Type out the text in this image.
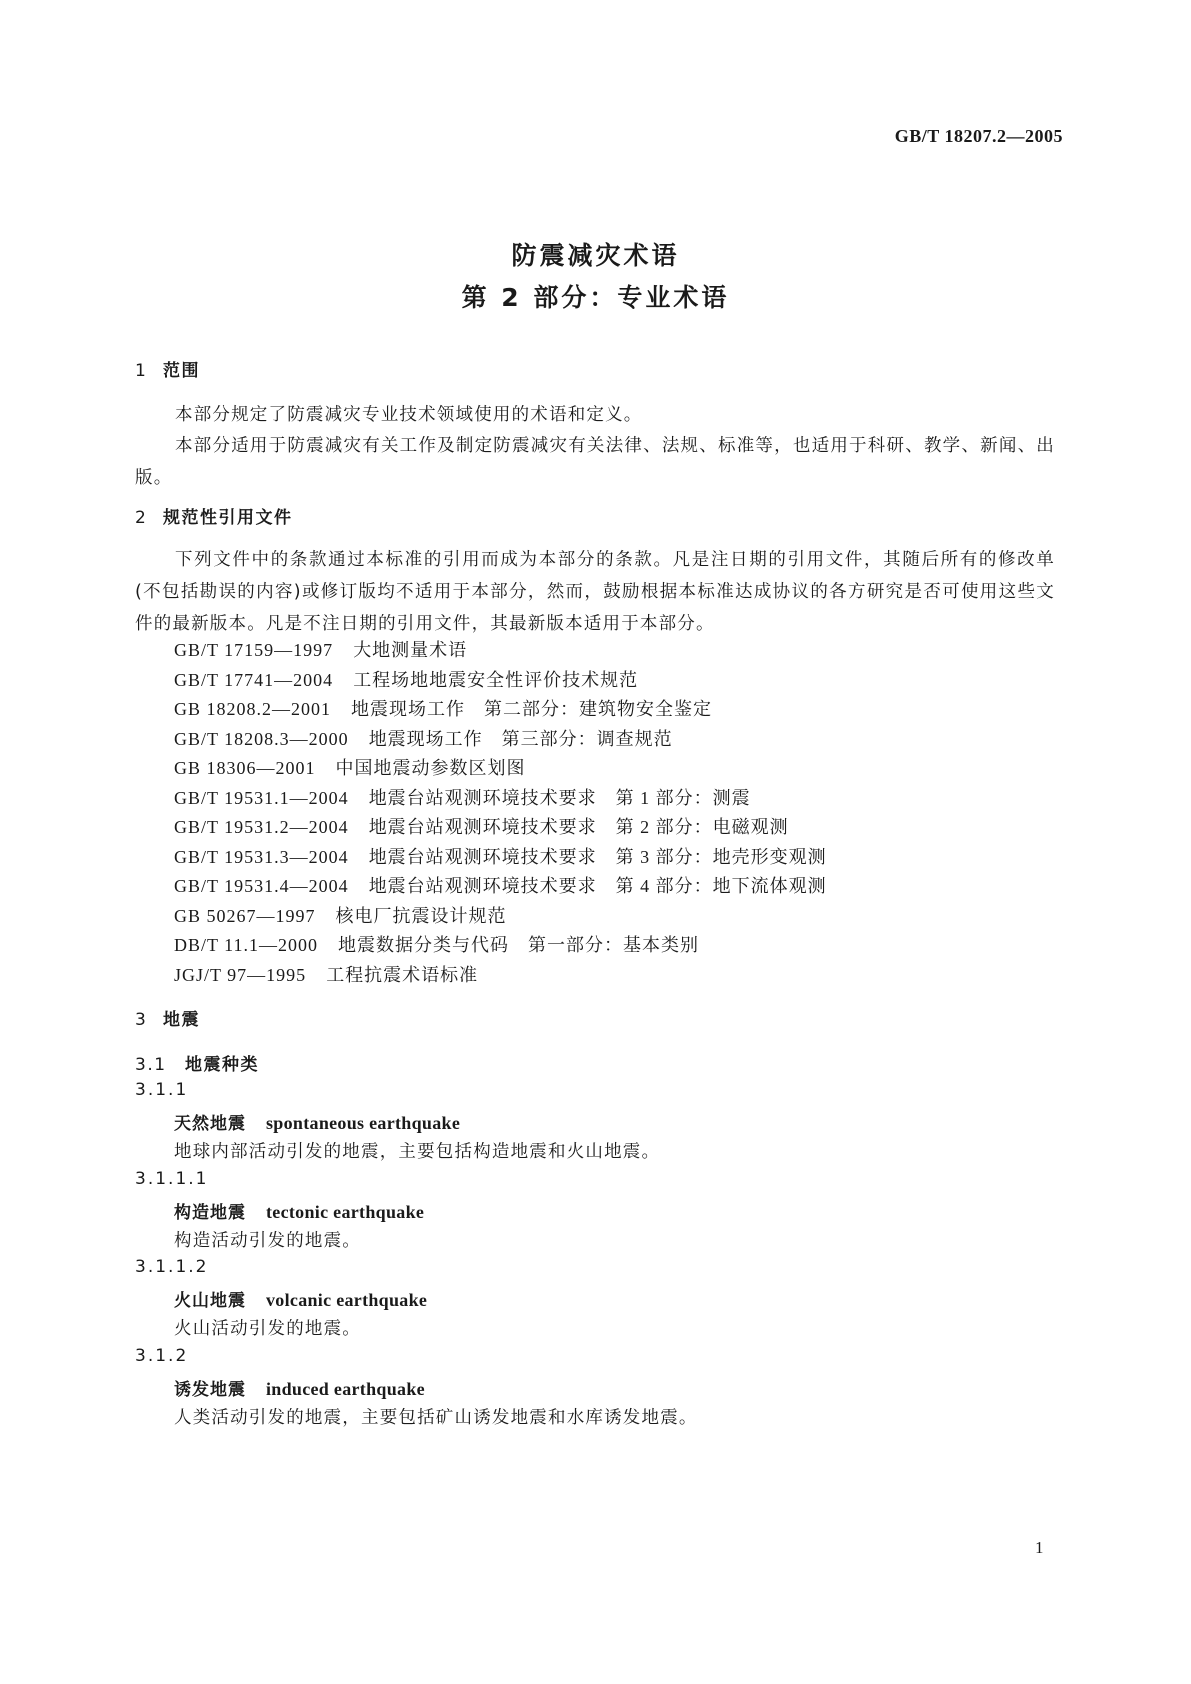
GB/T 18207.2—2005
防震减灾术语
第 2 部分：专业术语
1 范围

本部分规定了防震减灾专业技术领域使用的术语和定义。

本部分适用于防震减灾有关工作及制定防震减灾有关法律、法规、标准等，也适用于科研、教学、新闻、出版。

2 规范性引用文件

下列文件中的条款通过本标准的引用而成为本部分的条款。凡是注日期的引用文件，其随后所有的修改单(不包括勘误的内容)或修订版均不适用于本部分，然而，鼓励根据本标准达成协议的各方研究是否可使用这些文件的最新版本。凡是不注日期的引用文件，其最新版本适用于本部分。

GB/T 17159—1997 大地测量术语
GB/T 17741—2004 工程场地地震安全性评价技术规范
GB 18208.2—2001 地震现场工作　第二部分：建筑物安全鉴定
GB/T 18208.3—2000 地震现场工作　第三部分：调查规范
GB 18306—2001 中国地震动参数区划图
GB/T 19531.1—2004 地震台站观测环境技术要求　第 1 部分：测震
GB/T 19531.2—2004 地震台站观测环境技术要求　第 2 部分：电磁观测
GB/T 19531.3—2004 地震台站观测环境技术要求　第 3 部分：地壳形变观测
GB/T 19531.4—2004 地震台站观测环境技术要求　第 4 部分：地下流体观测
GB 50267—1997 核电厂抗震设计规范
DB/T 11.1—2000 地震数据分类与代码　第一部分：基本类别
JGJ/T 97—1995 工程抗震术语标准
3 地震
3.1 地震种类
3.1.1
天然地震 spontaneous earthquake
地球内部活动引发的地震，主要包括构造地震和火山地震。
3.1.1.1
构造地震 tectonic earthquake
构造活动引发的地震。
3.1.1.2
火山地震 volcanic earthquake
火山活动引发的地震。
3.1.2
诱发地震 induced earthquake
人类活动引发的地震，主要包括矿山诱发地震和水库诱发地震。
1
